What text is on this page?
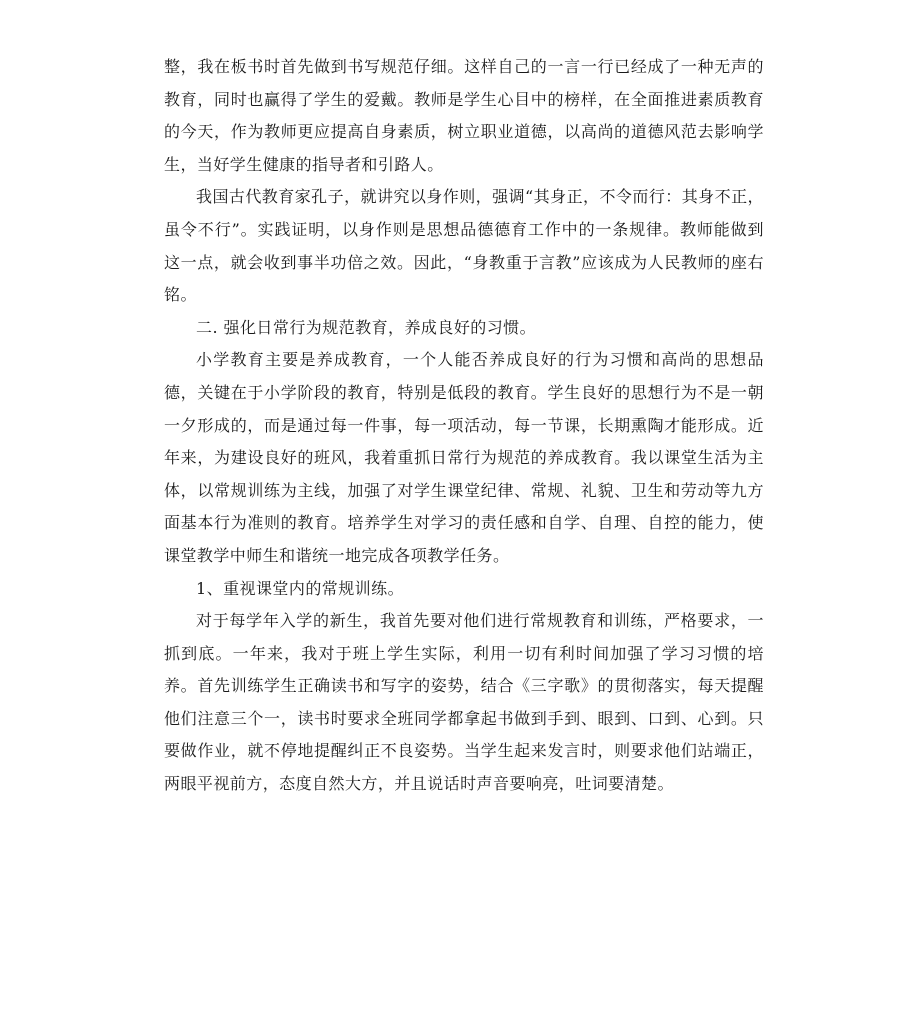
整，我在板书时首先做到书写规范仔细。这样自己的一言一行已经成了一种无声的教育，同时也赢得了学生的爱戴。教师是学生心目中的榜样，在全面推进素质教育的今天，作为教师更应提高自身素质，树立职业道德，以高尚的道德风范去影响学生，当好学生健康的指导者和引路人。

我国古代教育家孔子，就讲究以身作则，强调“其身正，不令而行：其身不正，虽令不行”。实践证明，以身作则是思想品德德育工作中的一条规律。教师能做到这一点，就会收到事半功倍之效。因此，“身教重于言教”应该成为人民教师的座右铭。

二. 强化日常行为规范教育，养成良好的习惯。

小学教育主要是养成教育，一个人能否养成良好的行为习惯和高尚的思想品德，关键在于小学阶段的教育，特别是低段的教育。学生良好的思想行为不是一朝一夕形成的，而是通过每一件事，每一项活动，每一节课，长期熏陶才能形成。近年来，为建设良好的班风，我着重抓日常行为规范的养成教育。我以课堂生活为主体，以常规训练为主线，加强了对学生课堂纪律、常规、礼貌、卫生和劳动等九方面基本行为准则的教育。培养学生对学习的责任感和自学、自理、自控的能力，使课堂教学中师生和谐统一地完成各项教学任务。

1、重视课堂内的常规训练。

对于每学年入学的新生，我首先要对他们进行常规教育和训练，严格要求，一抓到底。一年来，我对于班上学生实际，利用一切有利时间加强了学习习惯的培养。首先训练学生正确读书和写字的姿势，结合《三字歌》的贯彻落实，每天提醒他们注意三个一，读书时要求全班同学都拿起书做到手到、眼到、口到、心到。只要做作业，就不停地提醒纠正不良姿势。当学生起来发言时，则要求他们站端正，两眼平视前方，态度自然大方，并且说话时声音要响亮，吐词要清楚。
